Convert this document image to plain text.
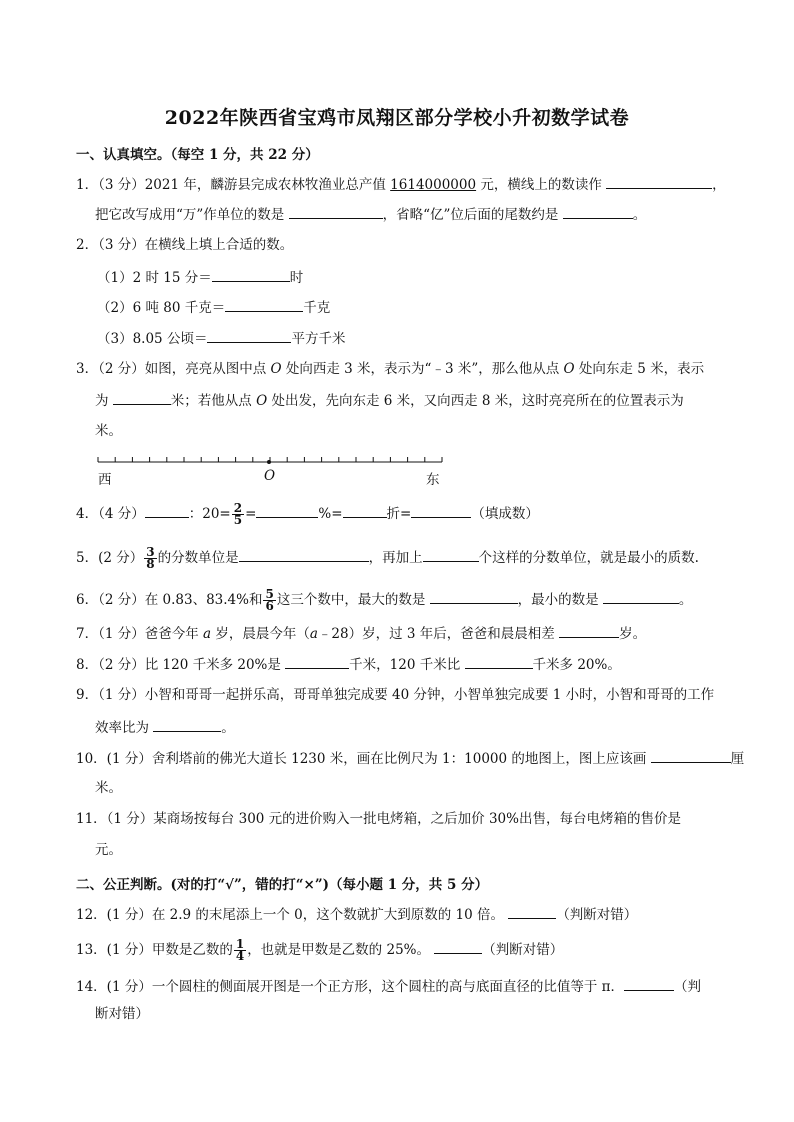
2022年陕西省宝鸡市凤翔区部分学校小升初数学试卷
一、认真填空。（每空 1 分，共 22 分）
1．（3 分）2021 年，麟游县完成农林牧渔业总产值 1614000000 元，横线上的数读作	，
把它改写成用“万”作单位的数是	，省略“亿”位后面的尾数约是	。
2．（3 分）在横线上填上合适的数。
（1）2 时 15 分＝	时
（2）6 吨 80 千克＝	千克
（3）8.05 公顷＝	平方千米
3．（2 分）如图，亮亮从图中点 O 处向西走 3 米，表示为“﹣3 米”，那么他从点 O 处向东走 5 米，表示
为	米；若他从点 O 处出发，先向东走 6 米，又向西走 8 米，这时亮亮所在的位置表示为
米。
西	O	东
4．（4 分）	：$20= \frac{2}{5}$ =	%=	折=	（填成数）
5．(2 分） $\frac{3}{8}$ 的分数单位是	，再加上	个这样的分数单位，就是最小的质数.
6．（2 分）在 0.83、83.4%和 $\frac{5}{6}$ 这三个数中，最大的数是	，最小的数是	。
7．（1 分）爸爸今年 a 岁，晨晨今年（a﹣28）岁，过 3 年后，爸爸和晨晨相差	岁。
8．（2 分）比 120 千米多 20%是	千米，120 千米比	千米多 20%。
9．（1 分）小智和哥哥一起拼乐高，哥哥单独完成要 40 分钟，小智单独完成要 1 小时，小智和哥哥的工作
效率比为	。
10．(1 分）舍利塔前的佛光大道长 1230 米，画在比例尺为 1：10000 的地图上，图上应该画	厘
米。
11．（1 分）某商场按每台 300 元的进价购入一批电烤箱，之后加价 30%出售，每台电烤箱的售价是
元。
二、公正判断。(对的打“√”，错的打“×”)（每小题 1 分，共 5 分）
12．(1 分）在 2.9 的末尾添上一个 0，这个数就扩大到原数的 10 倍。	（判断对错）
13．(1 分）甲数是乙数的 $\frac{1}{4}$ ，也就是甲数是乙数的 25%。	（判断对错）
14．(1 分）一个圆柱的侧面展开图是一个正方形，这个圆柱的高与底面直径的比值等于 π．	（判
断对错）
